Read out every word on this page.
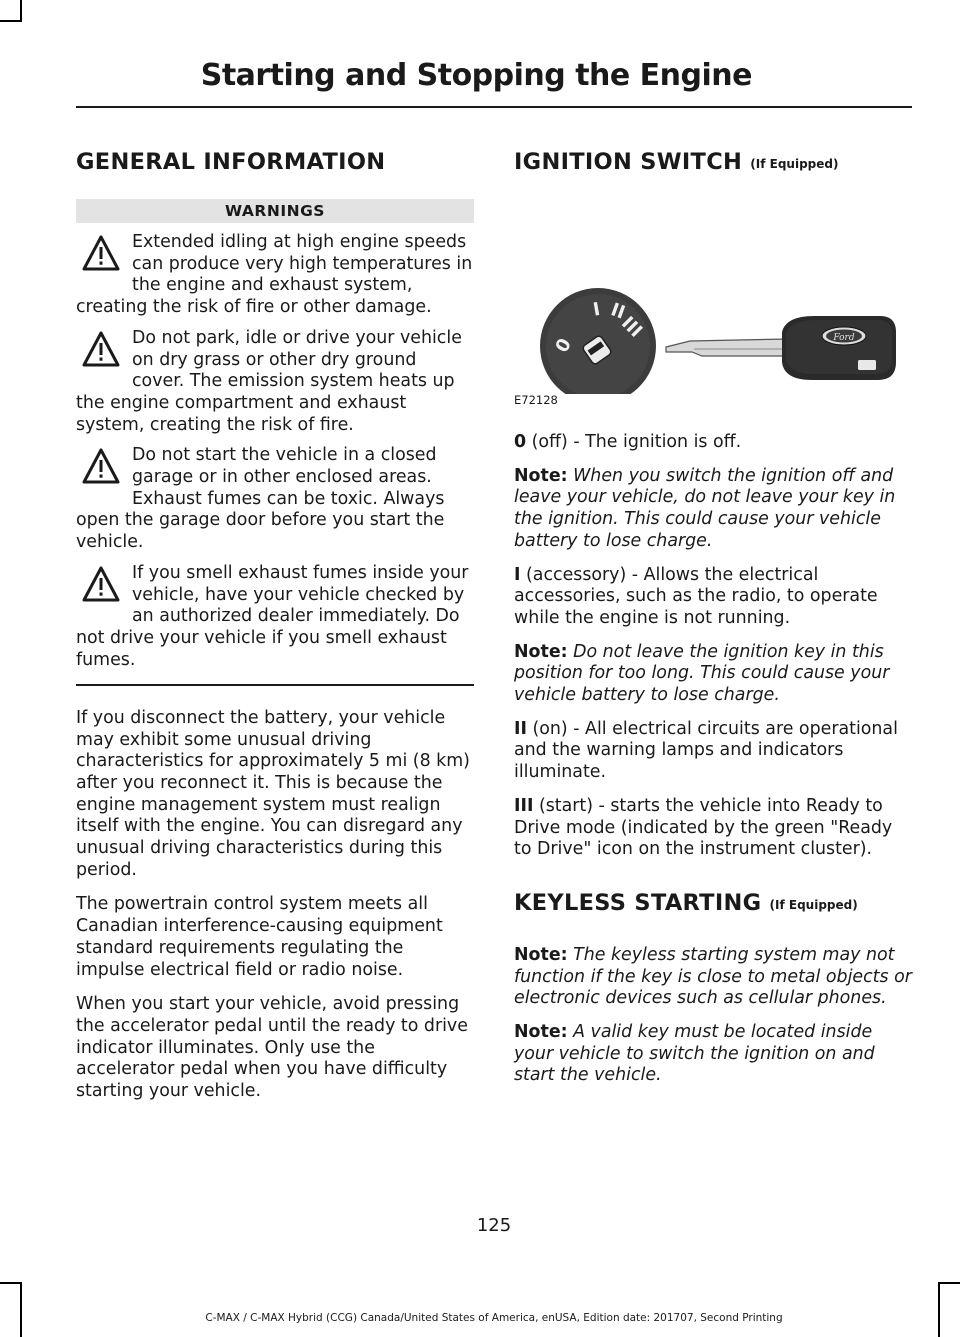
Starting and Stopping the Engine
GENERAL INFORMATION
WARNINGS
Extended idling at high engine speeds can produce very high temperatures in the engine and exhaust system, creating the risk of fire or other damage.
Do not park, idle or drive your vehicle on dry grass or other dry ground cover. The emission system heats up the engine compartment and exhaust system, creating the risk of fire.
Do not start the vehicle in a closed garage or in other enclosed areas. Exhaust fumes can be toxic. Always open the garage door before you start the vehicle.
If you smell exhaust fumes inside your vehicle, have your vehicle checked by an authorized dealer immediately. Do not drive your vehicle if you smell exhaust fumes.

If you disconnect the battery, your vehicle may exhibit some unusual driving characteristics for approximately 5 mi (8 km) after you reconnect it. This is because the engine management system must realign itself with the engine. You can disregard any unusual driving characteristics during this period.

The powertrain control system meets all Canadian interference-causing equipment standard requirements regulating the impulse electrical field or radio noise.

When you start your vehicle, avoid pressing the accelerator pedal until the ready to drive indicator illuminates. Only use the accelerator pedal when you have difficulty starting your vehicle.

IGNITION SWITCH (If Equipped)
0
I II
III	Ford
E72128

0 (off) - The ignition is off.

Note: When you switch the ignition off and leave your vehicle, do not leave your key in the ignition. This could cause your vehicle battery to lose charge.

I (accessory) - Allows the electrical accessories, such as the radio, to operate while the engine is not running.

Note: Do not leave the ignition key in this position for too long. This could cause your vehicle battery to lose charge.

II (on) - All electrical circuits are operational and the warning lamps and indicators illuminate.

III (start) - starts the vehicle into Ready to Drive mode (indicated by the green "Ready to Drive" icon on the instrument cluster).

KEYLESS STARTING (If Equipped)

Note: The keyless starting system may not function if the key is close to metal objects or electronic devices such as cellular phones.

Note: A valid key must be located inside your vehicle to switch the ignition on and start the vehicle.

125
C-MAX / C-MAX Hybrid (CCG) Canada/United States of America, enUSA, Edition date: 201707, Second Printing
